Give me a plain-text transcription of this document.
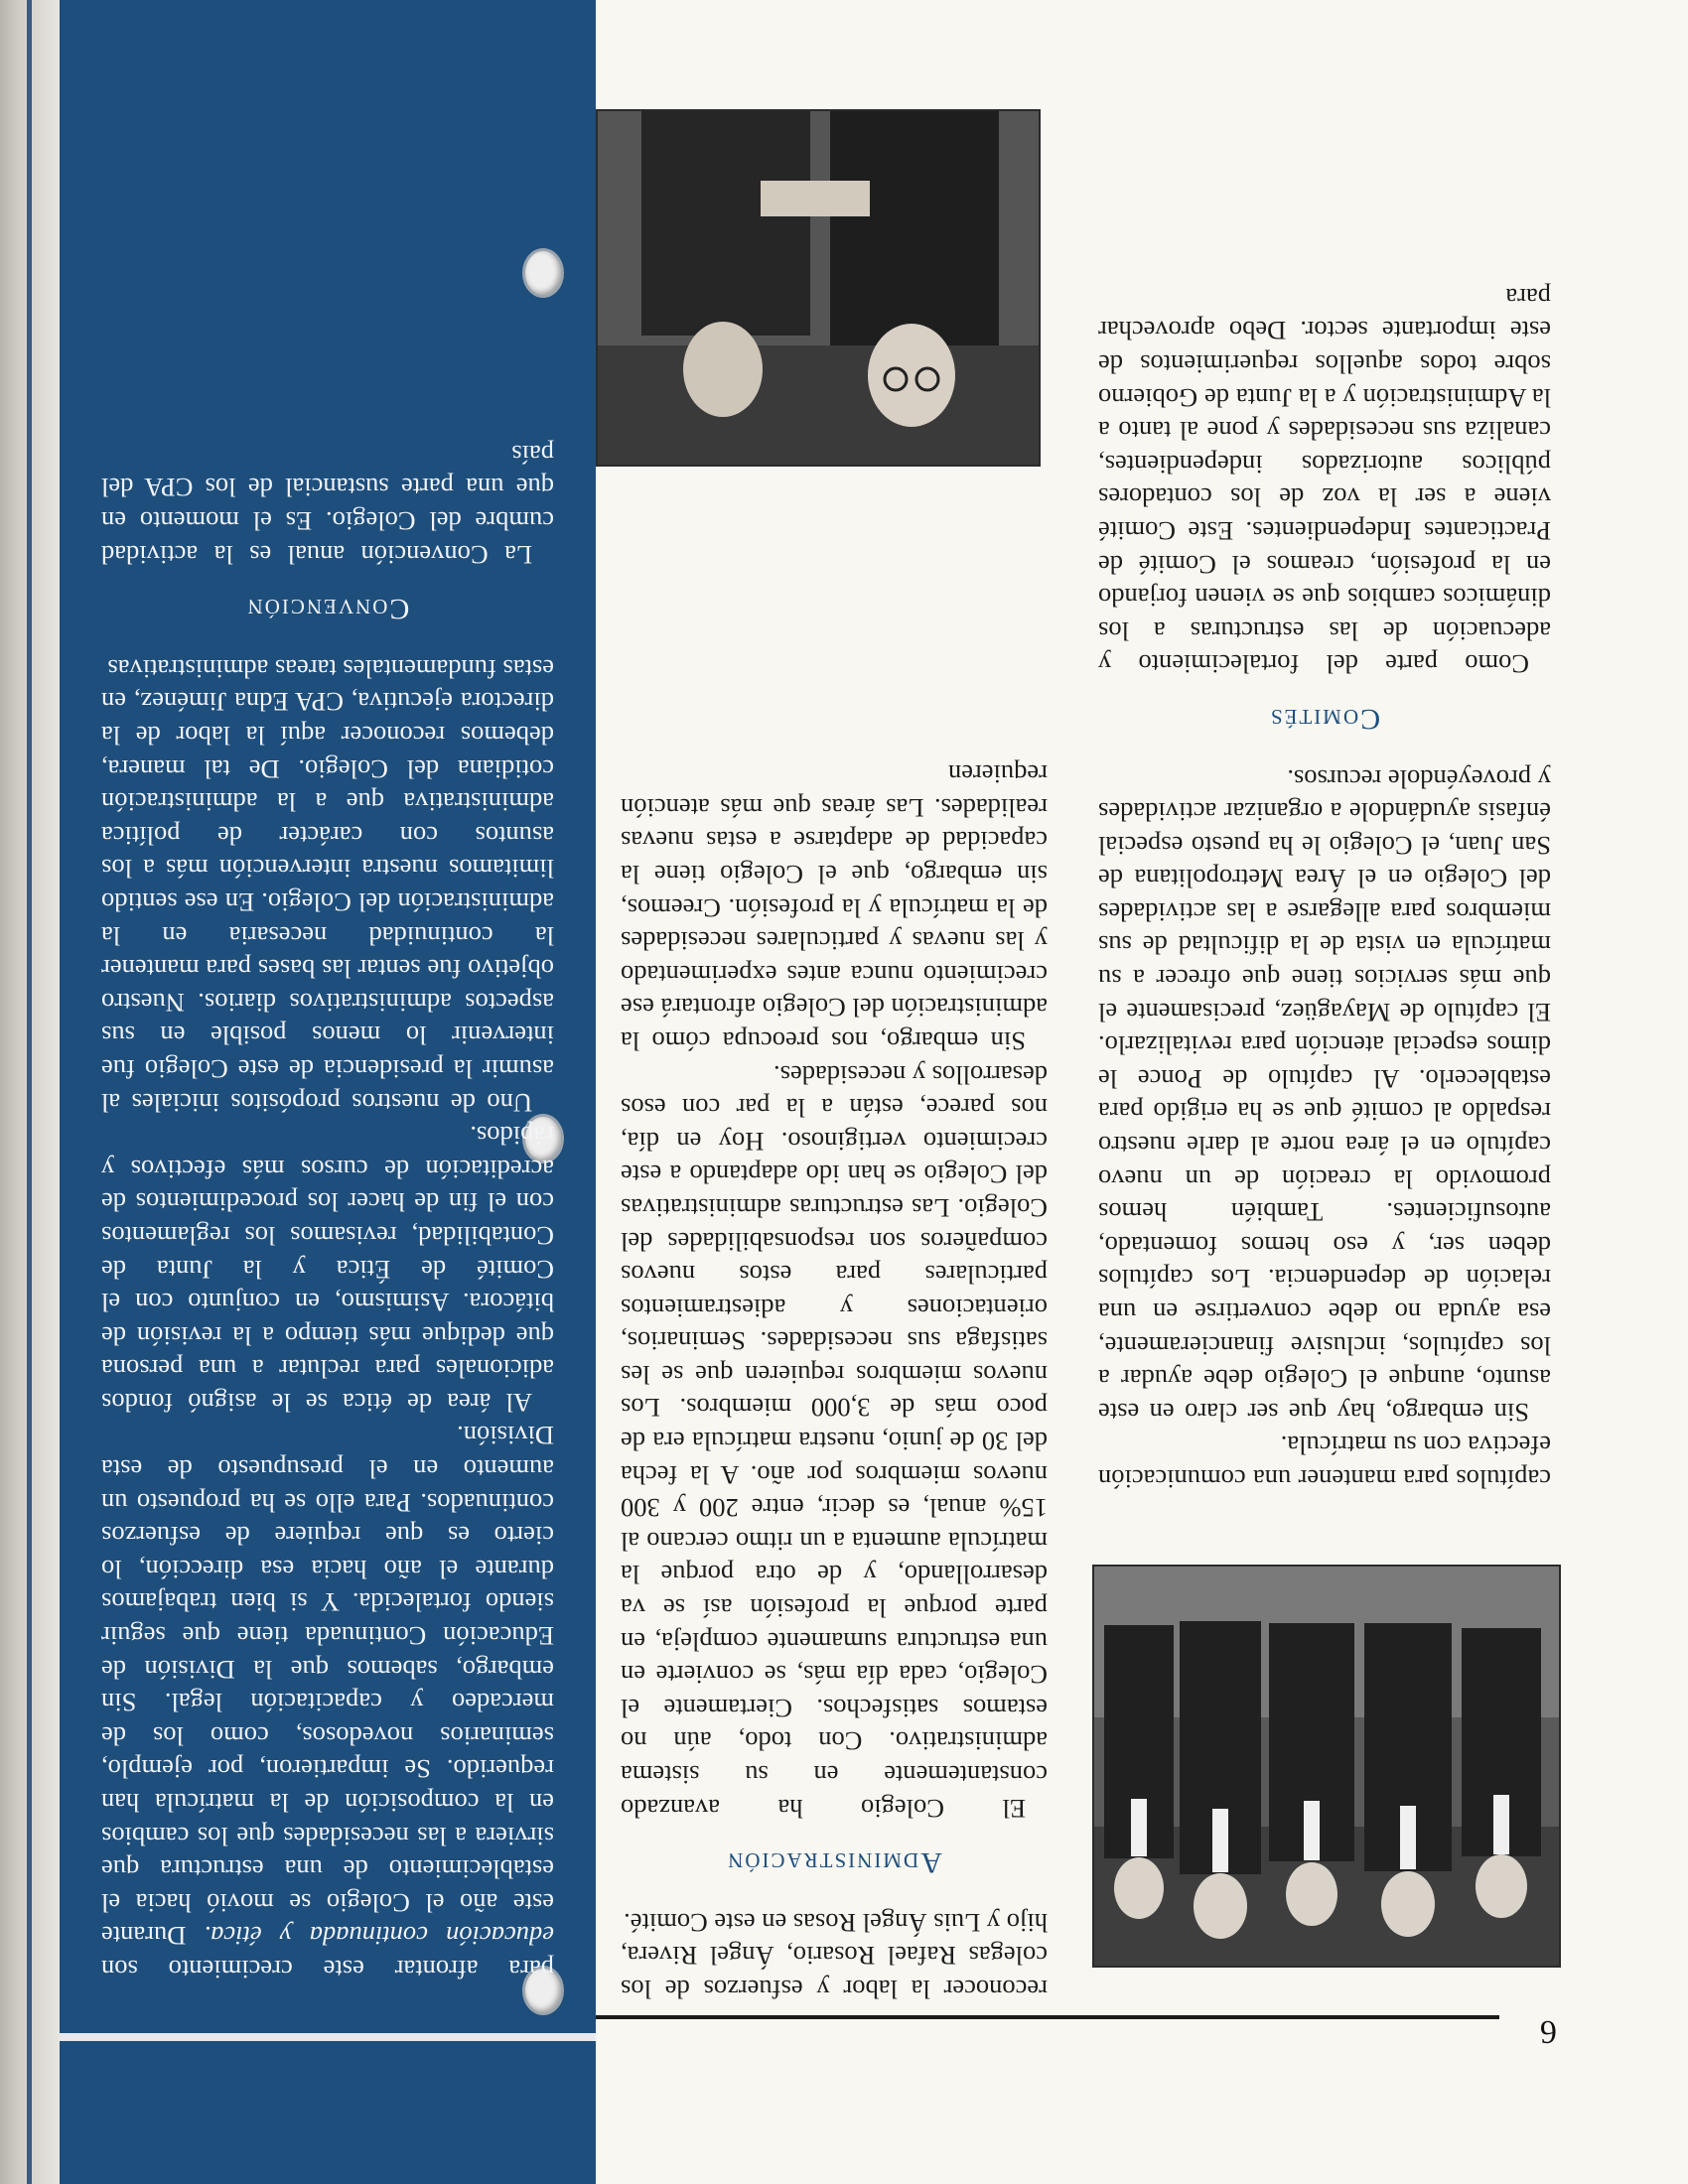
6

capítulos para mantener una comunicación efectiva con su matrícula.

Sin embargo, hay que ser claro en este asunto, aunque el Colegio debe ayudar a los capítulos, inclusive financieramente, esa ayuda no debe convertirse en una relación de dependencia. Los capítulos deben ser, y eso hemos fomentado, autosuficientes. También hemos promovido la creación de un nuevo capítulo en el área norte al darle nuestro respaldo al comité que se ha erigido para establecerlo. Al capítulo de Ponce le dimos especial atención para revitalizarlo. El capítulo de Mayagüez, precisamente el que más servicios tiene que ofrecer a su matrícula en vista de la dificultad de sus miembros para allegarse a las actividades del Colegio en el Área Metropolitana de San Juan, el Colegio le ha puesto especial énfasis ayudándole a organizar actividades y proveyéndole recursos.

Comités

Como parte del fortalecimiento y adecuación de las estructuras a los dinámicos cambios que se vienen forjando en la profesión, creamos el Comité de Practicantes Independientes. Este Comité viene a ser la voz de los contadores públicos autorizados independientes, canaliza sus necesidades y pone al tanto a la Administración y a la Junta de Gobierno sobre todos aquellos requerimientos de este importante sector. Debo aprovechar para

reconocer la labor y esfuerzos de los colegas Rafael Rosario, Ángel Rivera, hijo y Luis Ángel Rosas en este Comité.

Administración

El Colegio ha avanzado constantemente en su sistema administrativo. Con todo, aún no estamos satisfechos. Ciertamente el Colegio, cada día más, se convierte en una estructura sumamente compleja, en parte porque la profesión así se va desarrollando, y de otra porque la matrícula aumenta a un ritmo cercano al 15% anual, es decir, entre 200 y 300 nuevos miembros por año. A la fecha del 30 de junio, nuestra matrícula era de poco más de 3,000 miembros. Los nuevos miembros requieren que se les satisfaga sus necesidades. Seminarios, orientaciones y adiestramientos particulares para estos nuevos compañeros son responsabilidades del Colegio. Las estructuras administrativas del Colegio se han ido adaptando a este crecimiento vertiginoso. Hoy en día, nos parece, están a la par con esos desarrollos y necesidades.

Sin embargo, nos preocupa cómo la administración del Colegio afrontará ese crecimiento nunca antes experimentado y las nuevas y particulares necesidades de la matrícula y la profesión. Creemos, sin embargo, que el Colegio tiene la capacidad de adaptarse a estas nuevas realidades. Las áreas que más atención requieren

para afrontar este crecimiento son educación continuada y ética. Durante este año el Colegio se movió hacia el establecimiento de una estructura que sirviera a las necesidades que los cambios en la composición de la matrícula han requerido. Se impartieron, por ejemplo, seminarios novedosos, como los de mercadeo y capacitación legal. Sin embargo, sabemos que la División de Educación Continuada tiene que seguir siendo fortalecida. Y si bien trabajamos durante el año hacia esa dirección, lo cierto es que requiere de esfuerzos continuados. Para ello se ha propuesto un aumento en el presupuesto de esta División.

Al área de ética se le asignó fondos adicionales para reclutar a una persona que dedique más tiempo a la revisión de bitácora. Asimismo, en conjunto con el Comité de Ética y la Junta de Contabilidad, revisamos los reglamentos con el fin de hacer los procedimientos de acreditación de cursos más efectivos y rápidos.

Uno de nuestros propósitos iniciales al asumir la presidencia de este Colegio fue intervenir lo menos posible en sus aspectos administrativos diarios. Nuestro objetivo fue sentar las bases para mantener la continuidad necesaria en la administración del Colegio. En ese sentido limitamos nuestra intervención más a los asuntos con carácter de política administrativa que a la administración cotidiana del Colegio. De tal manera, debemos reconocer aquí la labor de la directora ejecutiva, CPA Edna Jiménez, en estas fundamentales tareas administrativas

Convención

La Convención anual es la actividad cumbre del Colegio. Es el momento en que una parte sustancial de los CPA del país
